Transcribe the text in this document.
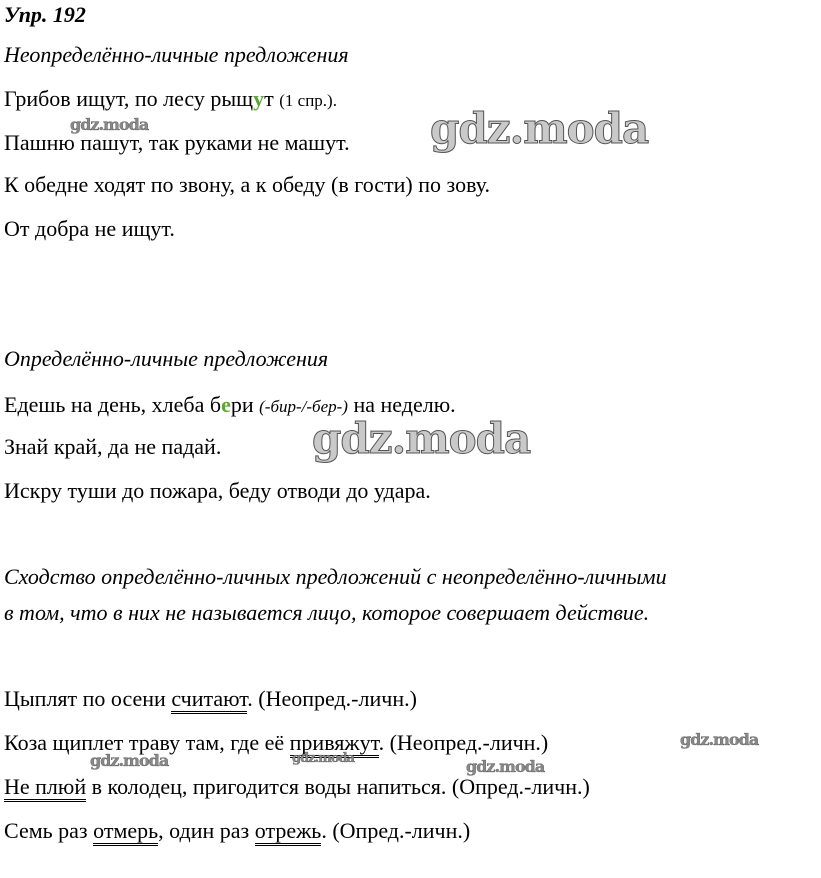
Упр. 192
Неопределённо-личные предложения
Грибов ищут, по лесу рыщут (1 спр.).
Пашню пашут, так руками не машут.
К обедне ходят по звону, а к обеду (в гости) по зову.
От добра не ищут.
Определённо-личные предложения
Едешь на день, хлеба бери (-бир-/-бер-) на неделю.
Знай край, да не падай.
Искру туши до пожара, беду отводи до удара.
Сходство определённо-личных предложений с неопределённо-личными
в том, что в них не называется лицо, которое совершает действие.
Цыплят по осени считают. (Неопред.-личн.)
Коза щиплет траву там, где её привяжут. (Неопред.-личн.)
Не плюй в колодец, пригодится воды напиться. (Опред.-личн.)
Семь раз отмерь, один раз отрежь. (Опред.-личн.)
gdz.moda
gdz.moda
gdz.moda
gdz.moda
gdz.moda	gdz.moda	gdz.moda
